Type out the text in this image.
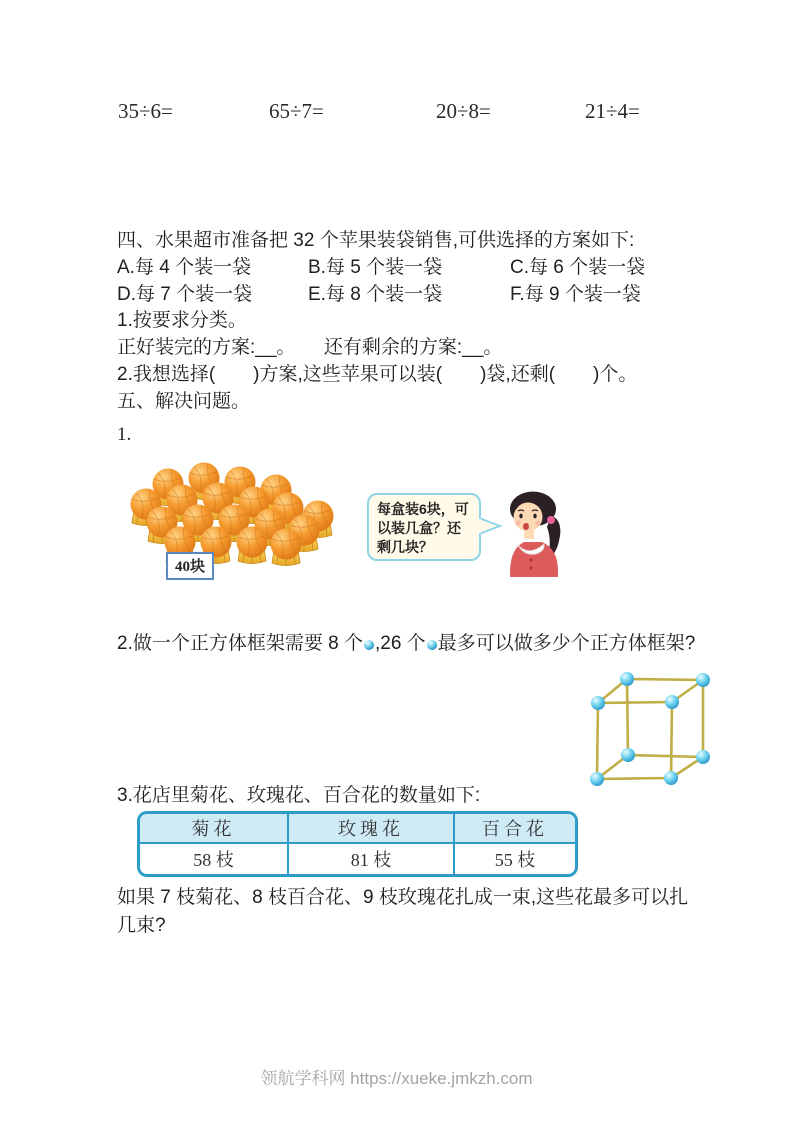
35÷6=	65÷7=	20÷8=	21÷4=

四、水果超市准备把 32 个苹果装袋销售,可供选择的方案如下:

A.每 4 个装一袋	B.每 5 个装一袋	C.每 6 个装一袋
D.每 7 个装一袋	E.每 8 个装一袋	F.每 9 个装一袋

1.按要求分类。

正好装完的方案:__。　　还有剩余的方案:__。

2.我想选择(　　)方案,这些苹果可以装(　　)袋,还剩(　　)个。

五、解决问题。

1.
40块
每盒装6块，可
以装几盒？还
剩几块？
2.做一个正方体框架需要 8 个 ,26 个 最多可以做多少个正方体框架?

3.花店里菊花、玫瑰花、百合花的数量如下:

菊花	玫瑰花	百合花
58 枝	81 枝	55 枝

如果 7 枝菊花、8 枝百合花、9 枝玫瑰花扎成一束,这些花最多可以扎几束?

领航学科网 https://xueke.jmkzh.com
